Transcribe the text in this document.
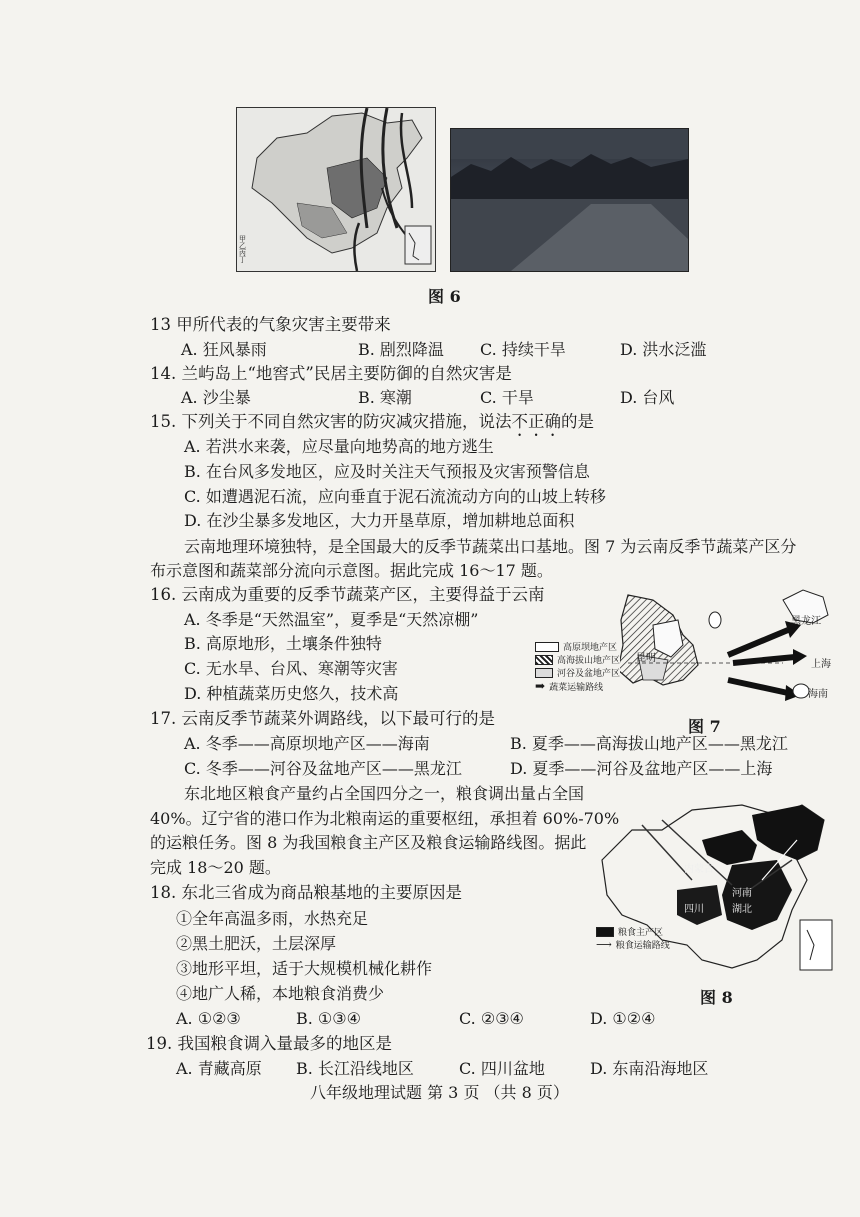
甲
乙
丙
丁
图 6
13 甲所代表的气象灾害主要带来
A. 狂风暴雨	B. 剧烈降温 C. 持续干旱	D. 洪水泛滥
14. 兰屿岛上“地窖式”民居主要防御的自然灾害是
A. 沙尘暴	B. 寒潮	C. 干旱	D. 台风
15. 下列关于不同自然灾害的防灾减灾措施，说法不正确的是
A. 若洪水来袭，应尽量向地势高的地方逃生
B. 在台风多发地区，应及时关注天气预报及灾害预警信息
C. 如遭遇泥石流，应向垂直于泥石流流动方向的山坡上转移
D. 在沙尘暴多发地区，大力开垦草原，增加耕地总面积
云南地理环境独特，是全国最大的反季节蔬菜出口基地。图 7 为云南反季节蔬菜产区分
布示意图和蔬菜部分流向示意图。据此完成 16～17 题。
高原坝地产区
高海拔山地产区
河谷及盆地产区
➡ 蔬菜运输路线
昆明
黑龙江
上海
海南
图 7
16. 云南成为重要的反季节蔬菜产区，主要得益于云南
A. 冬季是“天然温室”，夏季是“天然凉棚”
B. 高原地形，土壤条件独特
C. 无水旱、台风、寒潮等灾害
D. 种植蔬菜历史悠久，技术高
17. 云南反季节蔬菜外调路线，以下最可行的是
A. 冬季——高原坝地产区——海南	B. 夏季——高海拔山地产区——黑龙江
C. 冬季——河谷及盆地产区——黑龙江	D. 夏季——河谷及盆地产区——上海
东北地区粮食产量约占全国四分之一，粮食调出量占全国
40%。辽宁省的港口作为北粮南运的重要枢纽，承担着 60%-70%
的运粮任务。图 8 为我国粮食主产区及粮食运输路线图。据此
完成 18～20 题。
粮食主产区
⟶ 粮食运输路线
内蒙古
四川	湖北
河南
图 8
18. 东北三省成为商品粮基地的主要原因是
①全年高温多雨，水热充足
②黑土肥沃，土层深厚
③地形平坦，适于大规模机械化耕作
④地广人稀，本地粮食消费少
A. ①②③	B. ①③④	C. ②③④	D. ①②④
19. 我国粮食调入量最多的地区是
A. 青藏高原 B. 长江沿线地区	C. 四川盆地	D. 东南沿海地区
八年级地理试题 第 3 页 （共 8 页）
